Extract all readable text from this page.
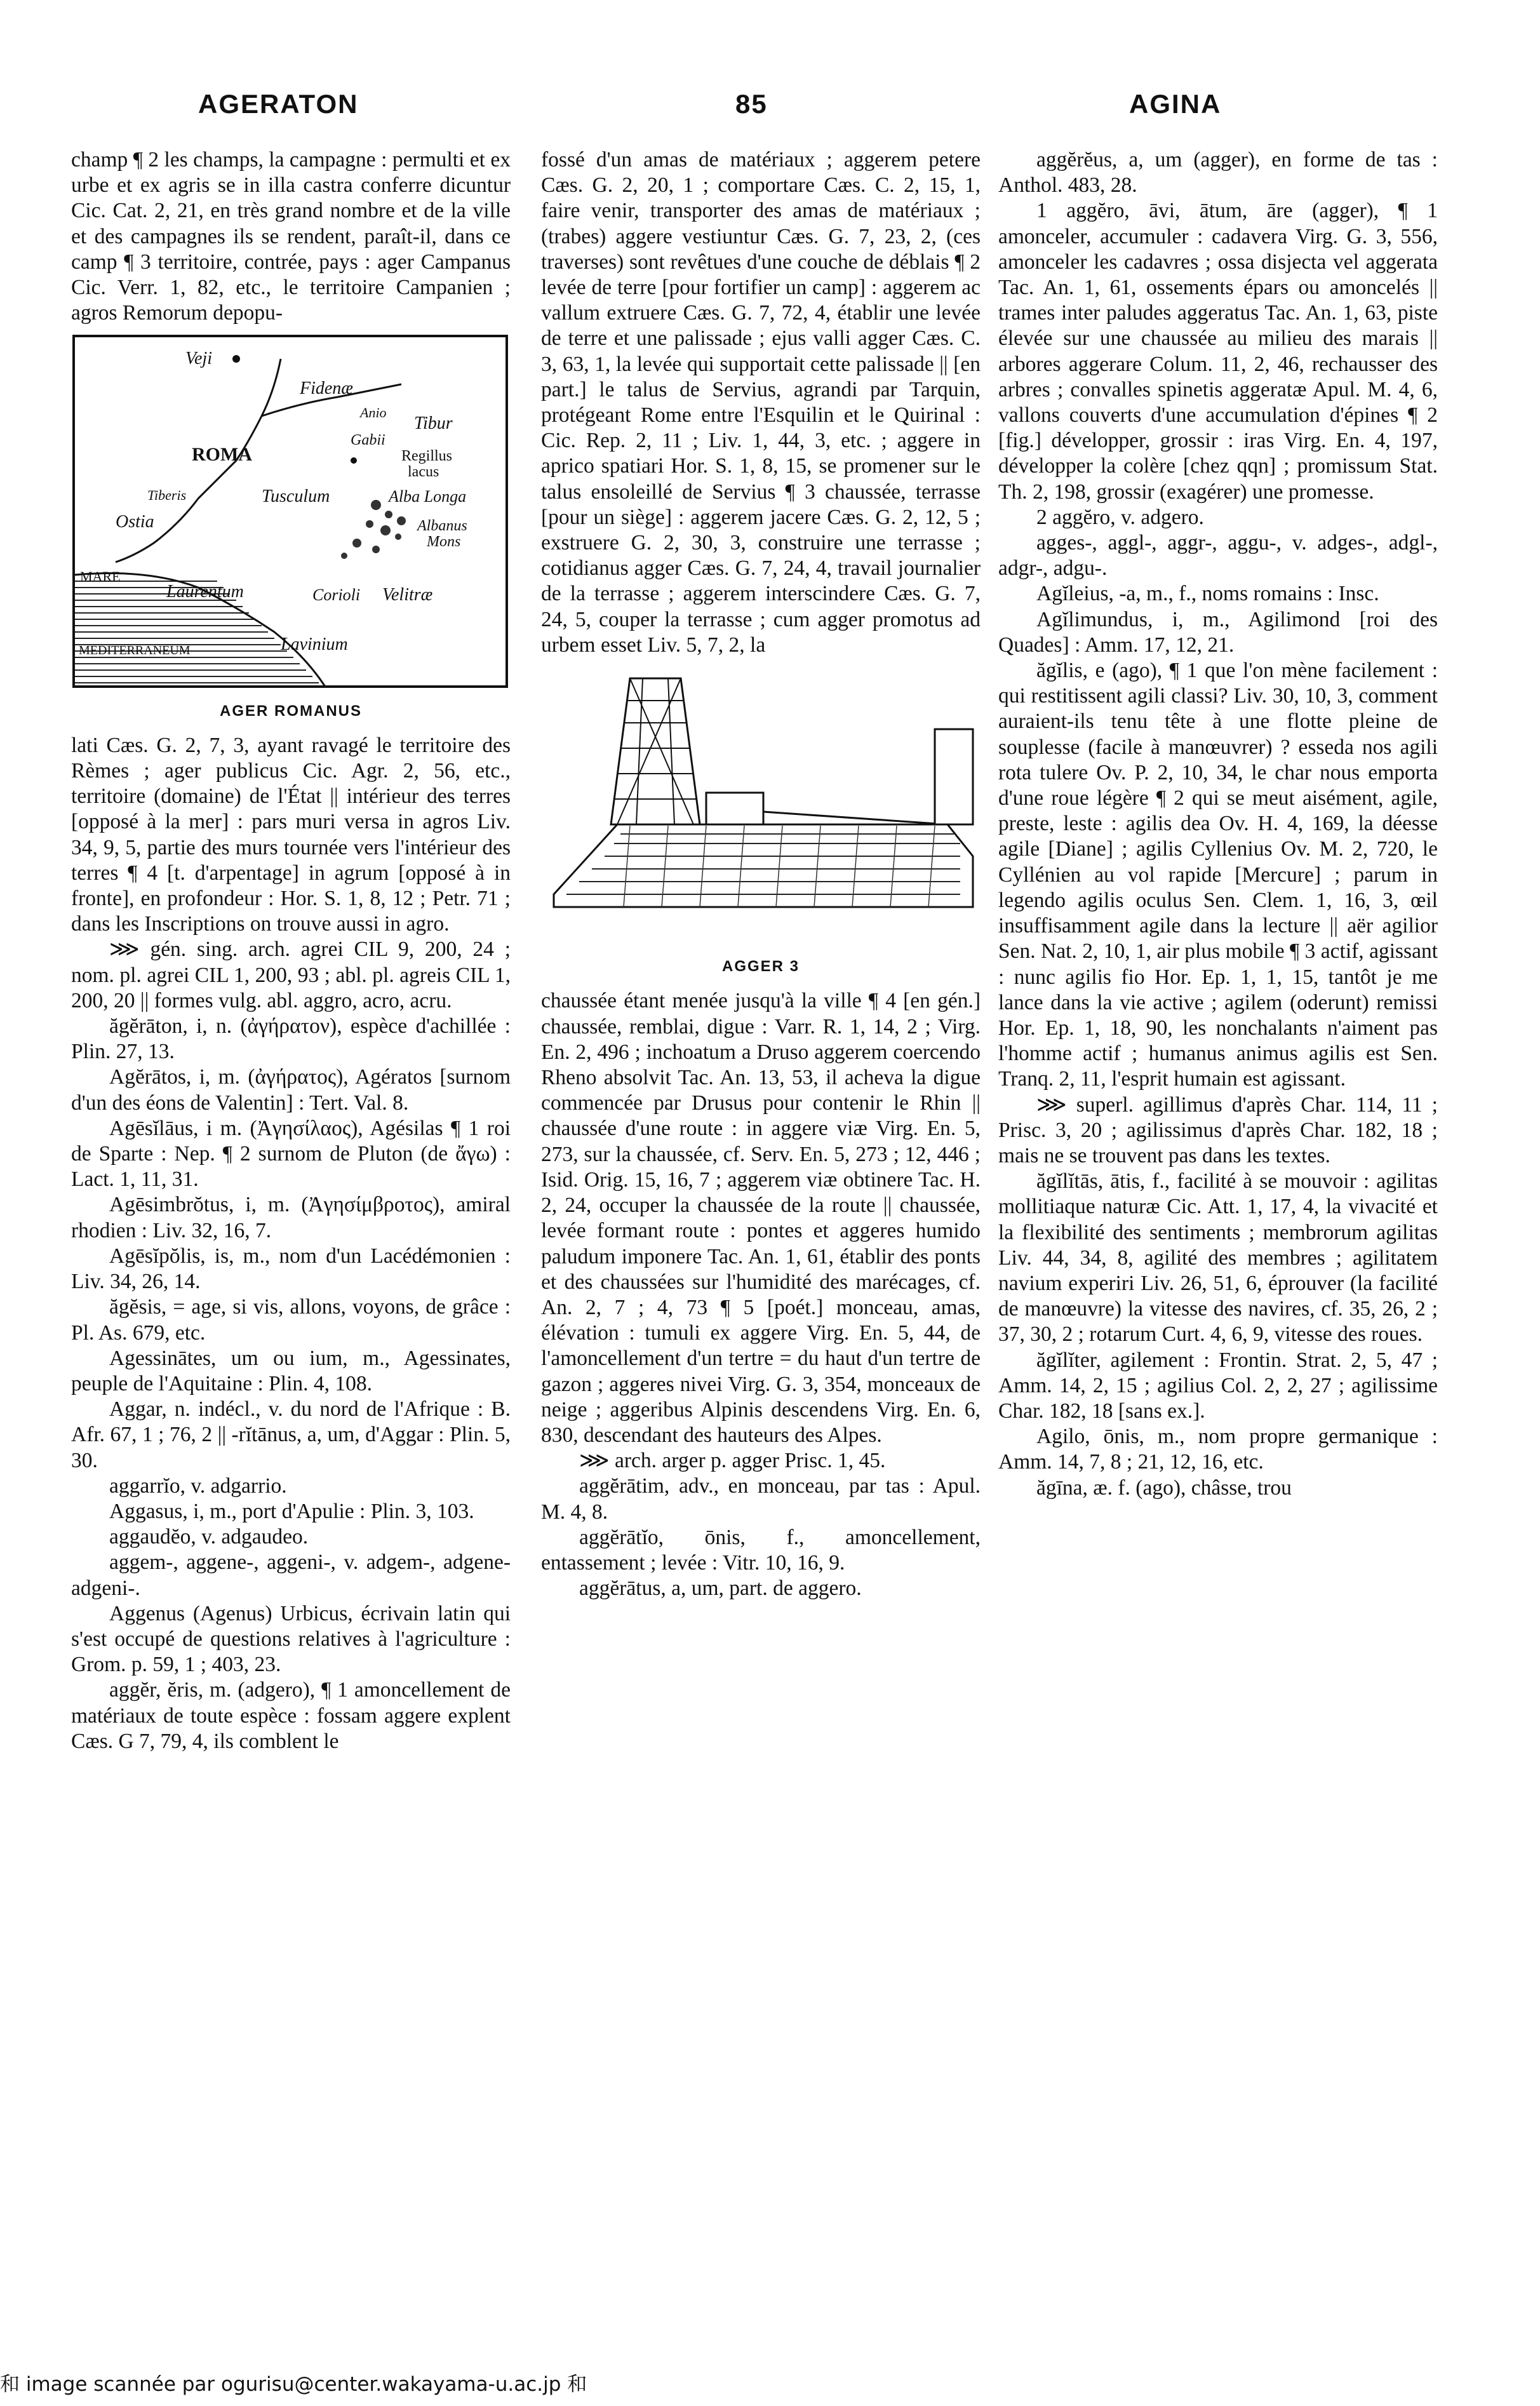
AGERATON	85	AGINA

champ ¶ 2 les champs, la campagne : permulti et ex urbe et ex agris se in illa castra conferre dicuntur Cic. Cat. 2, 21, en très grand nombre et de la ville et des campagnes ils se rendent, paraît-il, dans ce camp ¶ 3 territoire, contrée, pays : ager Campanus Cic. Verr. 1, 82, etc., le territoire Campanien ; agros Remorum depopu-

Veji
Fidenæ
Anio
Tibur
ROMA
Gabii
Regillus
lacus
Tiberis	Tusculum	Alba Longa
Albanus
Mons
Ostia
MARE
Laurentum	Corioli Velitræ
MEDITERRANEUM	Lavinium
AGER ROMANUS

lati Cæs. G. 2, 7, 3, ayant ravagé le territoire des Rèmes ; ager publicus Cic. Agr. 2, 56, etc., territoire (domaine) de l'État || intérieur des terres [opposé à la mer] : pars muri versa in agros Liv. 34, 9, 5, partie des murs tournée vers l'intérieur des terres ¶ 4 [t. d'arpentage] in agrum [opposé à in fronte], en profondeur : Hor. S. 1, 8, 12 ; Petr. 71 ; dans les Inscriptions on trouve aussi in agro.

⋙ gén. sing. arch. agrei CIL 9, 200, 24 ; nom. pl. agrei CIL 1, 200, 93 ; abl. pl. agreis CIL 1, 200, 20 || formes vulg. abl. aggro, acro, acru.

ăgĕrāton, i, n. (ἀγήρατον), espèce d'achillée : Plin. 27, 13.

Agĕrātos, i, m. (ἀγήρατος), Agératos [surnom d'un des éons de Valentin] : Tert. Val. 8.

Agēsĭlāus, i m. (Ἀγησίλαος), Agésilas ¶ 1 roi de Sparte : Nep. ¶ 2 surnom de Pluton (de ἄγω) : Lact. 1, 11, 31.

Agēsimbrŏtus, i, m. (Ἀγησίμβροτος), amiral rhodien : Liv. 32, 16, 7.

Agēsĭpŏlis, is, m., nom d'un Lacédémonien : Liv. 34, 26, 14.

ăgĕsis, = age, si vis, allons, voyons, de grâce : Pl. As. 679, etc.

Agessinātes, um ou ium, m., Agessinates, peuple de l'Aquitaine : Plin. 4, 108.

Aggar, n. indécl., v. du nord de l'Afrique : B. Afr. 67, 1 ; 76, 2 || -rĭtānus, a, um, d'Aggar : Plin. 5, 30.

aggarrĭo, v. adgarrio.

Aggasus, i, m., port d'Apulie : Plin. 3, 103.

aggaudĕo, v. adgaudeo.

aggem-, aggene-, aggeni-, v. adgem-, adgene- adgeni-.

Aggenus (Agenus) Urbicus, écrivain latin qui s'est occupé de questions relatives à l'agriculture : Grom. p. 59, 1 ; 403, 23.

aggĕr, ĕris, m. (adgero), ¶ 1 amoncellement de matériaux de toute espèce : fossam aggere explent Cæs. G 7, 79, 4, ils comblent le

fossé d'un amas de matériaux ; aggerem petere Cæs. G. 2, 20, 1 ; comportare Cæs. C. 2, 15, 1, faire venir, transporter des amas de matériaux ; (trabes) aggere vestiuntur Cæs. G. 7, 23, 2, (ces traverses) sont revêtues d'une couche de déblais ¶ 2 levée de terre [pour fortifier un camp] : aggerem ac vallum extruere Cæs. G. 7, 72, 4, établir une levée de terre et une palissade ; ejus valli agger Cæs. C. 3, 63, 1, la levée qui supportait cette palissade || [en part.] le talus de Servius, agrandi par Tarquin, protégeant Rome entre l'Esquilin et le Quirinal : Cic. Rep. 2, 11 ; Liv. 1, 44, 3, etc. ; aggere in aprico spatiari Hor. S. 1, 8, 15, se promener sur le talus ensoleillé de Servius ¶ 3 chaussée, terrasse [pour un siège] : aggerem jacere Cæs. G. 2, 12, 5 ; exstruere G. 2, 30, 3, construire une terrasse ; cotidianus agger Cæs. G. 7, 24, 4, travail journalier de la terrasse ; aggerem interscindere Cæs. G. 7, 24, 5, couper la terrasse ; cum agger promotus ad urbem esset Liv. 5, 7, 2, la

AGGER 3

chaussée étant menée jusqu'à la ville ¶ 4 [en gén.] chaussée, remblai, digue : Varr. R. 1, 14, 2 ; Virg. En. 2, 496 ; inchoatum a Druso aggerem coercendo Rheno absolvit Tac. An. 13, 53, il acheva la digue commencée par Drusus pour contenir le Rhin || chaussée d'une route : in aggere viæ Virg. En. 5, 273, sur la chaussée, cf. Serv. En. 5, 273 ; 12, 446 ; Isid. Orig. 15, 16, 7 ; aggerem viæ obtinere Tac. H. 2, 24, occuper la chaussée de la route || chaussée, levée formant route : pontes et aggeres humido paludum imponere Tac. An. 1, 61, établir des ponts et des chaussées sur l'humidité des marécages, cf. An. 2, 7 ; 4, 73 ¶ 5 [poét.] monceau, amas, élévation : tumuli ex aggere Virg. En. 5, 44, de l'amoncellement d'un tertre = du haut d'un tertre de gazon ; aggeres nivei Virg. G. 3, 354, monceaux de neige ; aggeribus Alpinis descendens Virg. En. 6, 830, descendant des hauteurs des Alpes.

⋙ arch. arger p. agger Prisc. 1, 45.

aggĕrātim, adv., en monceau, par tas : Apul. M. 4, 8.

aggĕrātĭo, ōnis, f., amoncellement, entassement ; levée : Vitr. 10, 16, 9.

aggĕrātus, a, um, part. de aggero.

aggĕrĕus, a, um (agger), en forme de tas : Anthol. 483, 28.

1 aggĕro, āvi, ātum, āre (agger), ¶ 1 amonceler, accumuler : cadavera Virg. G. 3, 556, amonceler les cadavres ; ossa disjecta vel aggerata Tac. An. 1, 61, ossements épars ou amoncelés || trames inter paludes aggeratus Tac. An. 1, 63, piste élevée sur une chaussée au milieu des marais || arbores aggerare Colum. 11, 2, 46, rechausser des arbres ; convalles spinetis aggeratæ Apul. M. 4, 6, vallons couverts d'une accumulation d'épines ¶ 2 [fig.] développer, grossir : iras Virg. En. 4, 197, développer la colère [chez qqn] ; promissum Stat. Th. 2, 198, grossir (exagérer) une promesse.

2 aggĕro, v. adgero.

agges-, aggl-, aggr-, aggu-, v. adges-, adgl-, adgr-, adgu-.

Agĭleius, -a, m., f., noms romains : Insc.

Agĭlimundus, i, m., Agilimond [roi des Quades] : Amm. 17, 12, 21.

ăgĭlis, e (ago), ¶ 1 que l'on mène facilement : qui restitissent agili classi? Liv. 30, 10, 3, comment auraient-ils tenu tête à une flotte pleine de souplesse (facile à manœuvrer) ? esseda nos agili rota tulere Ov. P. 2, 10, 34, le char nous emporta d'une roue légère ¶ 2 qui se meut aisément, agile, preste, leste : agilis dea Ov. H. 4, 169, la déesse agile [Diane] ; agilis Cyllenius Ov. M. 2, 720, le Cyllénien au vol rapide [Mercure] ; parum in legendo agilis oculus Sen. Clem. 1, 16, 3, œil insuffisamment agile dans la lecture || aër agilior Sen. Nat. 2, 10, 1, air plus mobile ¶ 3 actif, agissant : nunc agilis fio Hor. Ep. 1, 1, 15, tantôt je me lance dans la vie active ; agilem (oderunt) remissi Hor. Ep. 1, 18, 90, les nonchalants n'aiment pas l'homme actif ; humanus animus agilis est Sen. Tranq. 2, 11, l'esprit humain est agissant.

⋙ superl. agillimus d'après Char. 114, 11 ; Prisc. 3, 20 ; agilissimus d'après Char. 182, 18 ; mais ne se trouvent pas dans les textes.

ăgĭlĭtās, ātis, f., facilité à se mouvoir : agilitas mollitiaque naturæ Cic. Att. 1, 17, 4, la vivacité et la flexibilité des sentiments ; membrorum agilitas Liv. 44, 34, 8, agilité des membres ; agilitatem navium experiri Liv. 26, 51, 6, éprouver (la facilité de manœuvre) la vitesse des navires, cf. 35, 26, 2 ; 37, 30, 2 ; rotarum Curt. 4, 6, 9, vitesse des roues.

ăgĭlĭter, agilement : Frontin. Strat. 2, 5, 47 ; Amm. 14, 2, 15 ; agilius Col. 2, 2, 27 ; agilissime Char. 182, 18 [sans ex.].

Agilo, ōnis, m., nom propre germanique : Amm. 14, 7, 8 ; 21, 12, 16, etc.

ăgīna, æ. f. (ago), châsse, trou

和 image scannée par ogurisu@center.wakayama-u.ac.jp 和
